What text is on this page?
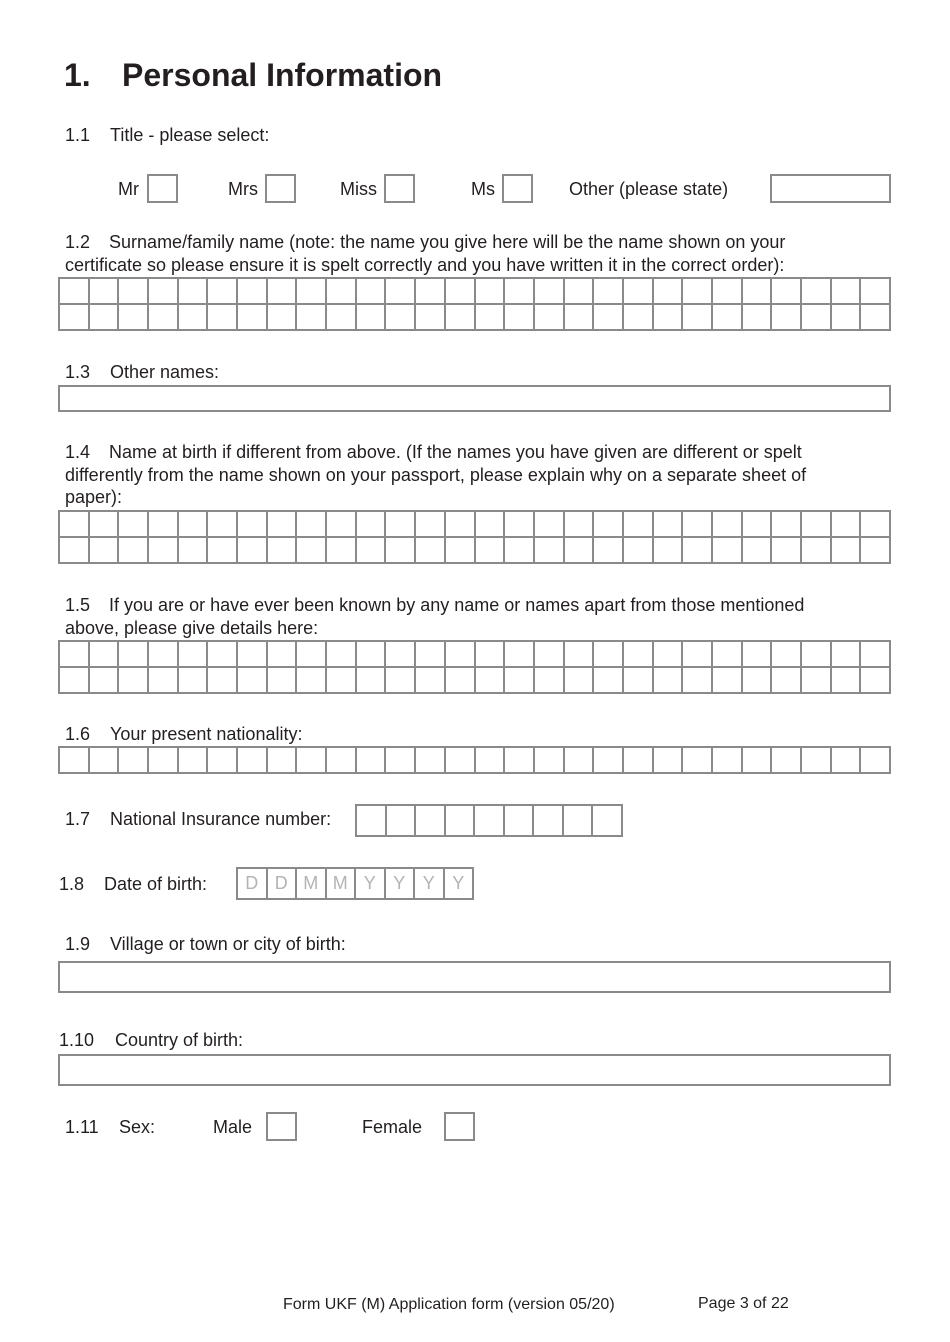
1. Personal Information
1.1 Title - please select:
Mr	Mrs	Miss	Ms	Other (please state)
1.2 Surname/family name (note: the name you give here will be the name shown on your
certificate so please ensure it is spelt correctly and you have written it in the correct order):
1.3 Other names:
1.4 Name at birth if different from above. (If the names you have given are different or spelt
differently from the name shown on your passport, please explain why on a separate sheet of
paper):
1.5 If you are or have ever been known by any name or names apart from those mentioned
above, please give details here:
1.6 Your present nationality:
1.7 National Insurance number:
1.8 Date of birth:	D D M M Y Y Y Y
1.9 Village or town or city of birth:
1.10 Country of birth:
1.11 Sex:	Male	Female
Form UKF (M) Application form (version 05/20)	Page 3 of 22
